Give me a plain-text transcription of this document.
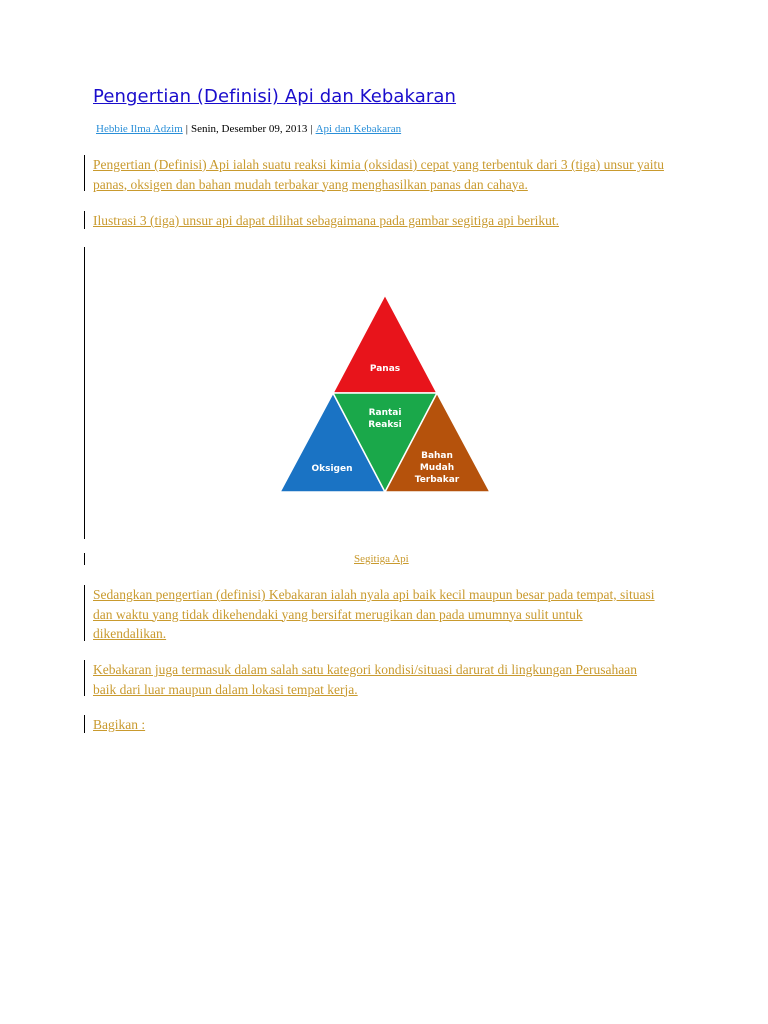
Pengertian (Definisi) Api dan Kebakaran
Hebbie Ilma Adzim | Senin, Desember 09, 2013 | Api dan Kebakaran

Pengertian (Definisi) Api ialah suatu reaksi kimia (oksidasi) cepat yang terbentuk dari 3 (tiga) unsur yaitu panas, oksigen dan bahan mudah terbakar yang menghasilkan panas dan cahaya.

Ilustrasi 3 (tiga) unsur api dapat dilihat sebagaimana pada gambar segitiga api berikut.

Panas
Rantai
Reaksi
Oksigen
Bahan
Mudah
Terbakar
Segitiga Api

Sedangkan pengertian (definisi) Kebakaran ialah nyala api baik kecil maupun besar pada tempat, situasi dan waktu yang tidak dikehendaki yang bersifat merugikan dan pada umumnya sulit untuk dikendalikan.

Kebakaran juga termasuk dalam salah satu kategori kondisi/situasi darurat di lingkungan Perusahaan baik dari luar maupun dalam lokasi tempat kerja.

Bagikan :
